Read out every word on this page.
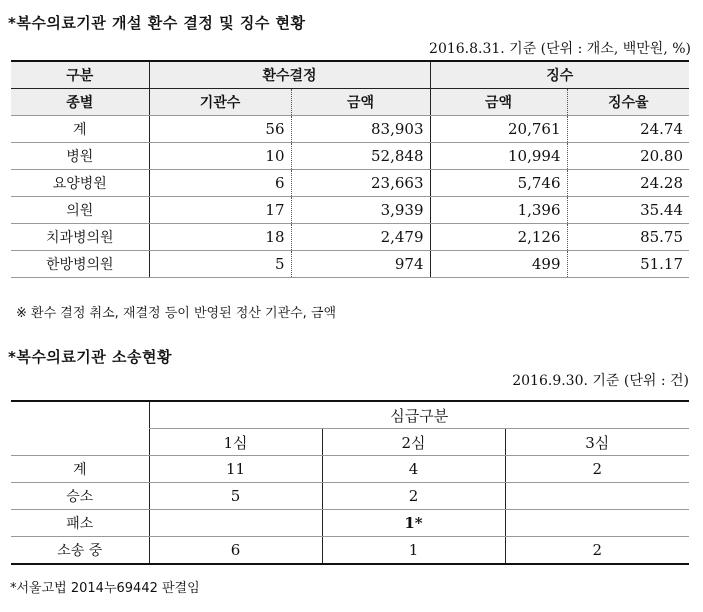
*복수의료기관 개설 환수 결정 및 징수 현황
2016.8.31. 기준 (단위 : 개소, 백만원, %)
구분	환수결정		징수	
종별	기관수	금액	금액	징수율
계	56	83,903	20,761	24.74
병원	10	52,848	10,994	20.80
요양병원	6	23,663	5,746	24.28
의원	17	3,939	1,396	35.44
치과병의원	18	2,479	2,126	85.75
한방병의원	5	974	499	51.17
※ 환수 결정 취소, 재결정 등이 반영된 정산 기관수, 금액
*복수의료기관 소송현황
2016.9.30. 기준 (단위 : 건)
	심급구분		
	1심	2심	3심
계	11	4	2
승소	5	2	
패소		1*	
소송 중	6	1	2
*서울고법 2014누69442 판결임
